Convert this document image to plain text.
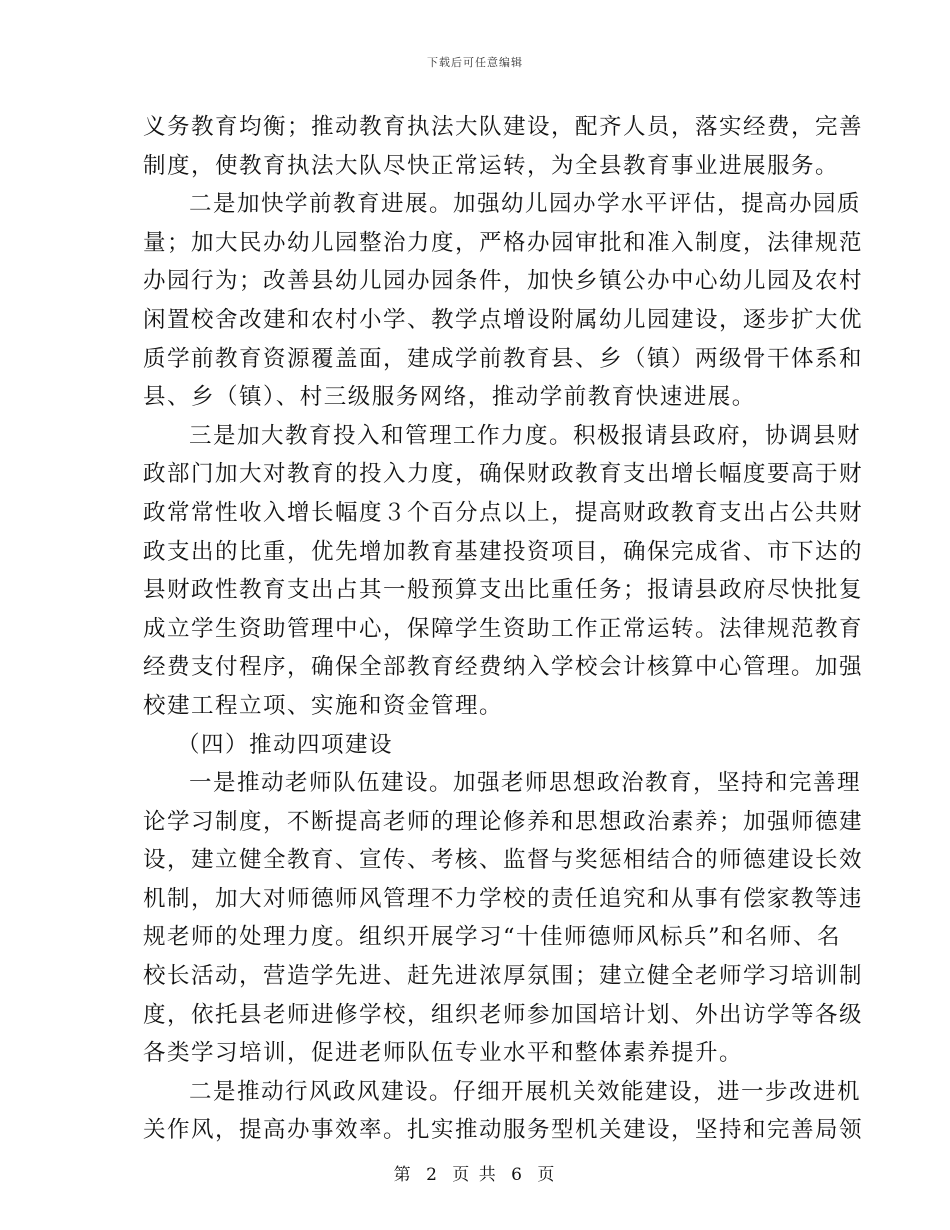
下载后可任意编辑
义务教育均衡；推动教育执法大队建设，配齐人员，落实经费，完善
制度，使教育执法大队尽快正常运转，为全县教育事业进展服务。
二是加快学前教育进展。加强幼儿园办学水平评估，提高办园质
量；加大民办幼儿园整治力度，严格办园审批和准入制度，法律规范
办园行为；改善县幼儿园办园条件，加快乡镇公办中心幼儿园及农村
闲置校舍改建和农村小学、教学点增设附属幼儿园建设，逐步扩大优
质学前教育资源覆盖面，建成学前教育县、乡（镇）两级骨干体系和
县、乡（镇）、村三级服务网络，推动学前教育快速进展。
三是加大教育投入和管理工作力度。积极报请县政府，协调县财
政部门加大对教育的投入力度，确保财政教育支出增长幅度要高于财
政常常性收入增长幅度３个百分点以上，提高财政教育支出占公共财
政支出的比重，优先增加教育基建投资项目，确保完成省、市下达的
县财政性教育支出占其一般预算支出比重任务；报请县政府尽快批复
成立学生资助管理中心，保障学生资助工作正常运转。法律规范教育
经费支付程序，确保全部教育经费纳入学校会计核算中心管理。加强
校建工程立项、实施和资金管理。
（四）推动四项建设
一是推动老师队伍建设。加强老师思想政治教育，坚持和完善理
论学习制度，不断提高老师的理论修养和思想政治素养；加强师德建
设，建立健全教育、宣传、考核、监督与奖惩相结合的师德建设长效
机制，加大对师德师风管理不力学校的责任追究和从事有偿家教等违
规老师的处理力度。组织开展学习“十佳师德师风标兵”和名师、名
校长活动，营造学先进、赶先进浓厚氛围；建立健全老师学习培训制
度，依托县老师进修学校，组织老师参加国培计划、外出访学等各级
各类学习培训，促进老师队伍专业水平和整体素养提升。
二是推动行风政风建设。仔细开展机关效能建设，进一步改进机
关作风，提高办事效率。扎实推动服务型机关建设，坚持和完善局领
第 2 页 共 6 页
